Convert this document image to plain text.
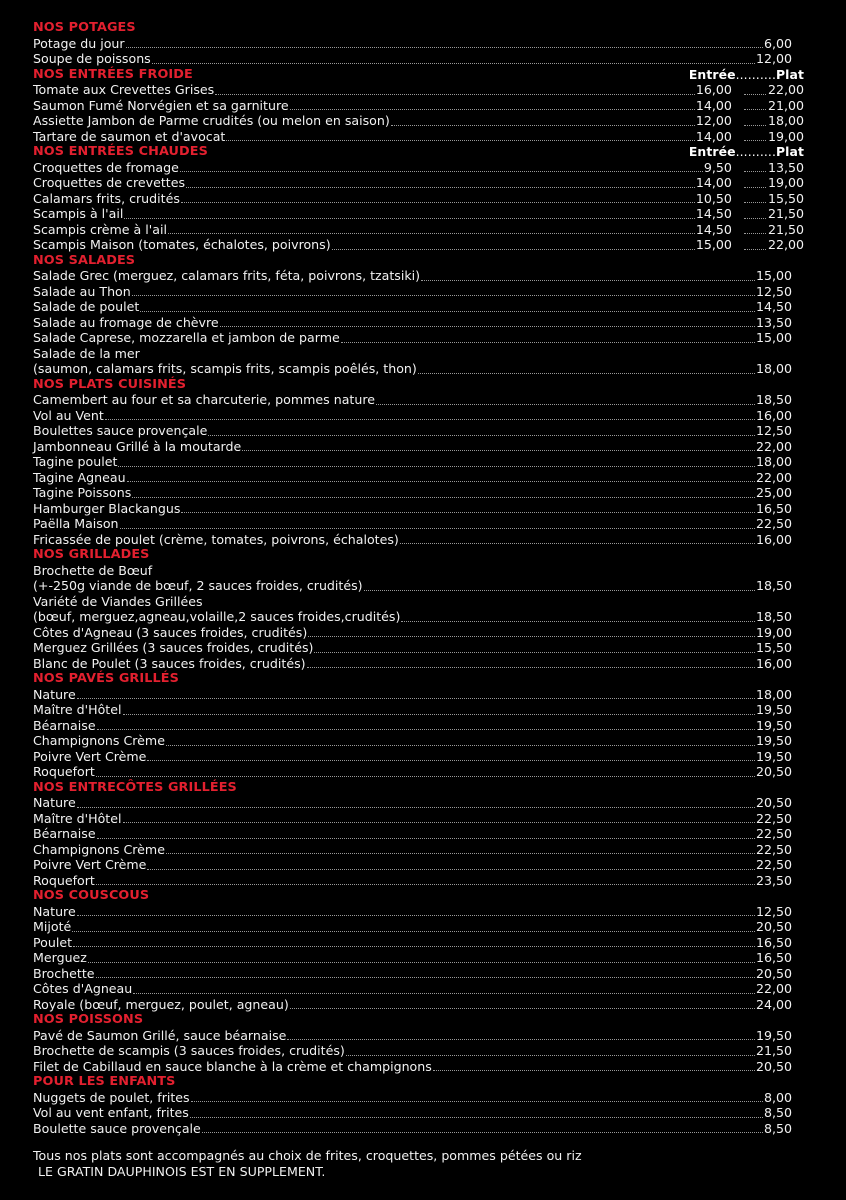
NOS POTAGES
Potage du jour	6,00
Soupe de poissons	12,00
NOS ENTRÉES FROIDE	Entrée..........Plat
Tomate aux Crevettes Grises	16,00	22,00
Saumon Fumé Norvégien et sa garniture	14,00	21,00
Assiette Jambon de Parme crudités (ou melon en saison)	12,00	18,00
Tartare de saumon et d'avocat	14,00	19,00
NOS ENTRÉES CHAUDES	Entrée..........Plat
Croquettes de fromage	9,50	13,50
Croquettes de crevettes	14,00	19,00
Calamars frits, crudités	10,50	15,50
Scampis à l'ail	14,50	21,50
Scampis crème à l'ail	14,50	21,50
Scampis Maison (tomates, échalotes, poivrons)	15,00	22,00
NOS SALADES
Salade Grec (merguez, calamars frits, féta, poivrons, tzatsiki)	15,00
Salade au Thon	12,50
Salade de poulet	14,50
Salade au fromage de chèvre	13,50
Salade Caprese, mozzarella et jambon de parme	15,00
Salade de la mer
(saumon, calamars frits, scampis frits, scampis poêlés, thon)	18,00
NOS PLATS CUISINÉS
Camembert au four et sa charcuterie, pommes nature	18,50
Vol au Vent	16,00
Boulettes sauce provençale	12,50
Jambonneau Grillé à la moutarde	22,00
Tagine poulet	18,00
Tagine Agneau	22,00
Tagine Poissons	25,00
Hamburger Blackangus	16,50
Paëlla Maison	22,50
Fricassée de poulet (crème, tomates, poivrons, échalotes)	16,00
NOS GRILLADES
Brochette de Bœuf
(+-250g viande de bœuf, 2 sauces froides, crudités)	18,50
Variété de Viandes Grillées
(bœuf, merguez,agneau,volaille,2 sauces froides,crudités)	18,50
Côtes d'Agneau (3 sauces froides, crudités)	19,00
Merguez Grillées (3 sauces froides, crudités)	15,50
Blanc de Poulet (3 sauces froides, crudités)	16,00
NOS PAVÉS GRILLÉS
Nature	18,00
Maître d'Hôtel	19,50
Béarnaise	19,50
Champignons Crème	19,50
Poivre Vert Crème	19,50
Roquefort	20,50
NOS ENTRECÔTES GRILLÉES
Nature	20,50
Maître d'Hôtel	22,50
Béarnaise	22,50
Champignons Crème	22,50
Poivre Vert Crème	22,50
Roquefort	23,50
NOS COUSCOUS
Nature	12,50
Mijoté	20,50
Poulet	16,50
Merguez	16,50
Brochette	20,50
Côtes d'Agneau	22,00
Royale (bœuf, merguez, poulet, agneau)	24,00
NOS POISSONS
Pavé de Saumon Grillé, sauce béarnaise	19,50
Brochette de scampis (3 sauces froides, crudités)	21,50
Filet de Cabillaud en sauce blanche à la crème et champignons	20,50
POUR LES ENFANTS
Nuggets de poulet, frites	8,00
Vol au vent enfant, frites	8,50
Boulette sauce provençale	8,50
Tous nos plats sont accompagnés au choix de frites, croquettes, pommes pétées ou riz
LE GRATIN DAUPHINOIS EST EN SUPPLEMENT.
